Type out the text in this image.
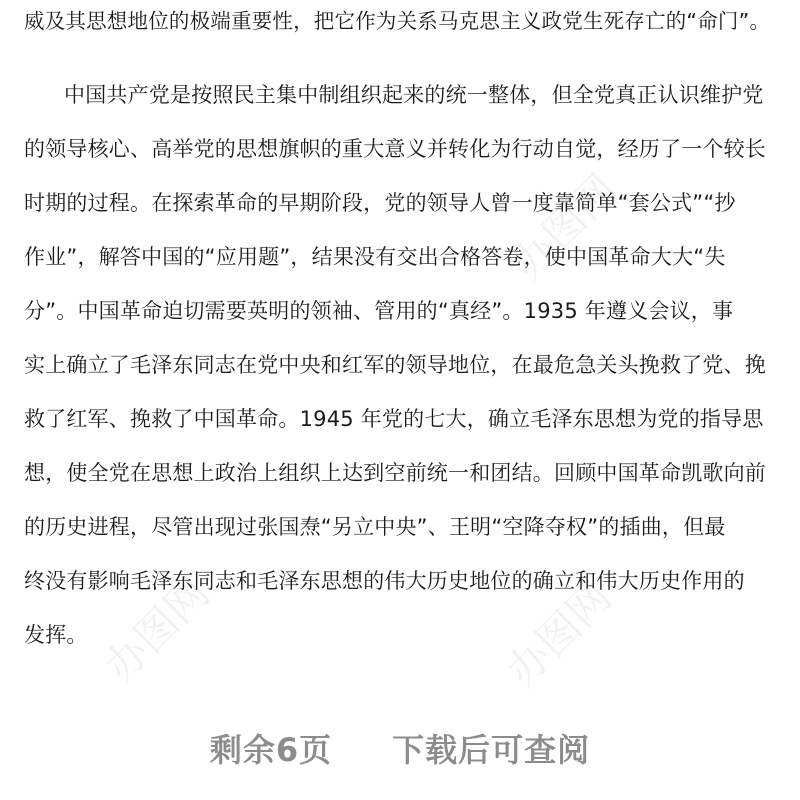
威及其思想地位的极端重要性，把它作为关系马克思主义政党生死存亡的“命门”。
中国共产党是按照民主集中制组织起来的统一整体，但全党真正认识维护党
的领导核心、高举党的思想旗帜的重大意义并转化为行动自觉，经历了一个较长
时期的过程。在探索革命的早期阶段，党的领导人曾一度靠简单“套公式”“抄
作业”，解答中国的“应用题”，结果没有交出合格答卷，使中国革命大大“失
分”。中国革命迫切需要英明的领袖、管用的“真经”。1935 年遵义会议，事
实上确立了毛泽东同志在党中央和红军的领导地位，在最危急关头挽救了党、挽
救了红军、挽救了中国革命。1945 年党的七大，确立毛泽东思想为党的指导思
想，使全党在思想上政治上组织上达到空前统一和团结。回顾中国革命凯歌向前
的历史进程，尽管出现过张国焘“另立中央”、王明“空降夺权”的插曲，但最
终没有影响毛泽东同志和毛泽东思想的伟大历史地位的确立和伟大历史作用的
发挥。
办图网
办图网	办图网
剩余6页 下载后可查阅
